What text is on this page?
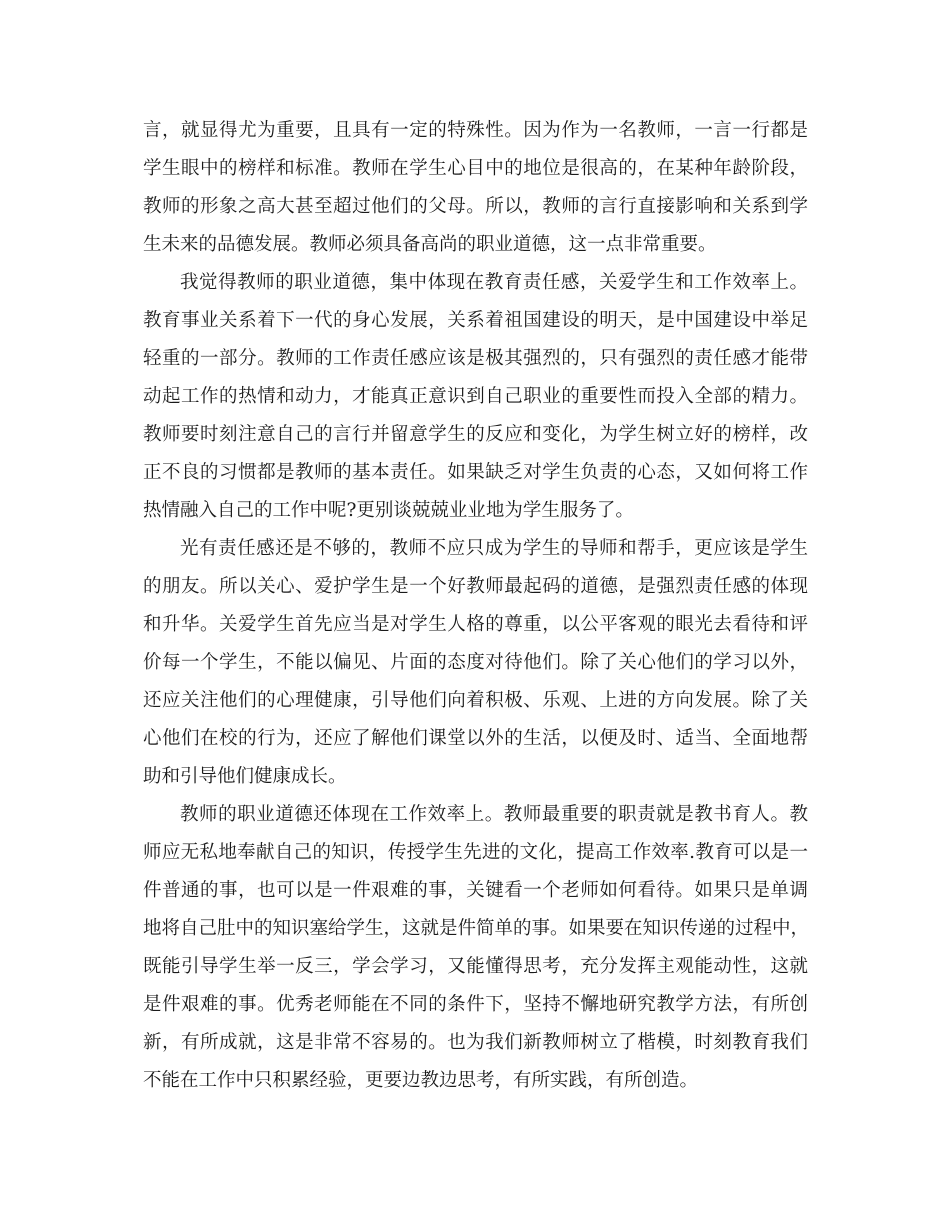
言，就显得尤为重要，且具有一定的特殊性。因为作为一名教师，一言一行都是
学生眼中的榜样和标准。教师在学生心目中的地位是很高的，在某种年龄阶段，
教师的形象之高大甚至超过他们的父母。所以，教师的言行直接影响和关系到学
生未来的品德发展。教师必须具备高尚的职业道德，这一点非常重要。
我觉得教师的职业道德，集中体现在教育责任感，关爱学生和工作效率上。
教育事业关系着下一代的身心发展，关系着祖国建设的明天，是中国建设中举足
轻重的一部分。教师的工作责任感应该是极其强烈的，只有强烈的责任感才能带
动起工作的热情和动力，才能真正意识到自己职业的重要性而投入全部的精力。
教师要时刻注意自己的言行并留意学生的反应和变化，为学生树立好的榜样，改
正不良的习惯都是教师的基本责任。如果缺乏对学生负责的心态，又如何将工作
热情融入自己的工作中呢?更别谈兢兢业业地为学生服务了。
光有责任感还是不够的，教师不应只成为学生的导师和帮手，更应该是学生
的朋友。所以关心、爱护学生是一个好教师最起码的道德，是强烈责任感的体现
和升华。关爱学生首先应当是对学生人格的尊重，以公平客观的眼光去看待和评
价每一个学生，不能以偏见、片面的态度对待他们。除了关心他们的学习以外，
还应关注他们的心理健康，引导他们向着积极、乐观、上进的方向发展。除了关
心他们在校的行为，还应了解他们课堂以外的生活，以便及时、适当、全面地帮
助和引导他们健康成长。
教师的职业道德还体现在工作效率上。教师最重要的职责就是教书育人。教
师应无私地奉献自己的知识，传授学生先进的文化，提高工作效率.教育可以是一
件普通的事，也可以是一件艰难的事，关键看一个老师如何看待。如果只是单调
地将自己肚中的知识塞给学生，这就是件简单的事。如果要在知识传递的过程中，
既能引导学生举一反三，学会学习，又能懂得思考，充分发挥主观能动性，这就
是件艰难的事。优秀老师能在不同的条件下，坚持不懈地研究教学方法，有所创
新，有所成就，这是非常不容易的。也为我们新教师树立了楷模，时刻教育我们
不能在工作中只积累经验，更要边教边思考，有所实践，有所创造。
